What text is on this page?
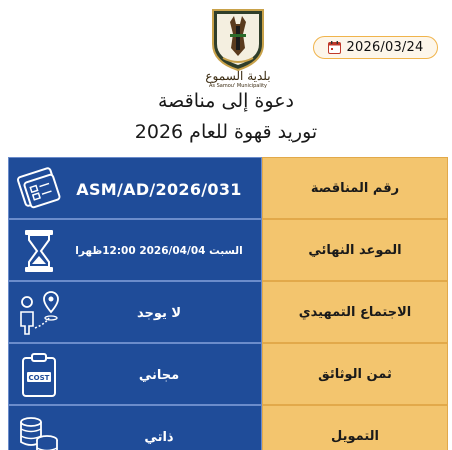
2026/03/24
بلدية السموع
As Samou' Municipality
دعوة إلى مناقصة
توريد قهوة للعام 2026
ASM/AD/2026/031	رقم المناقصة
السبت 2026/04/04 12:00ظهرا	الموعد النهائي
لا يوجد	الاجتماع التمهيدي
COST	مجاني	ثمن الوثائق
ذاتي	التمويل
